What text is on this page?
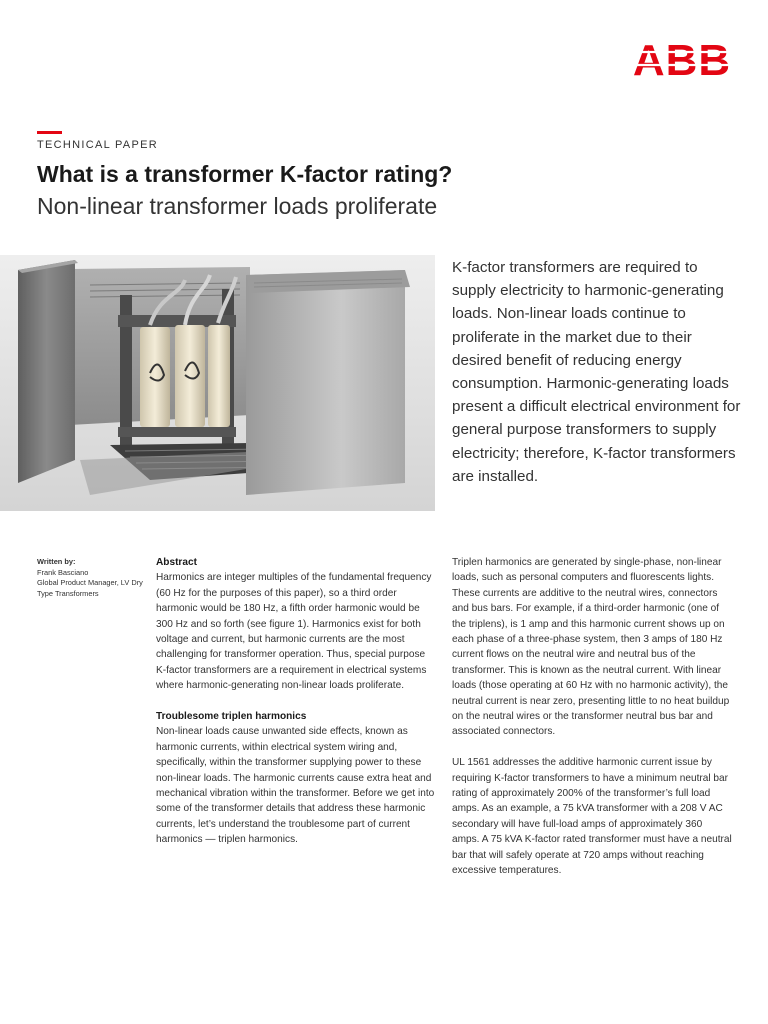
ABB
TECHNICAL PAPER
What is a transformer K-factor rating?
Non-linear transformer loads proliferate
K-factor transformers are required to supply electricity to harmonic-generating loads. Non-linear loads continue to proliferate in the market due to their desired benefit of reducing energy consumption. Harmonic-generating loads present a difficult electrical environment for general purpose transformers to supply electricity; therefore, K-factor transformers are installed.
Written by:
Frank Basciano
Global Product Manager, LV Dry Type Transformers
Abstract

Harmonics are integer multiples of the fundamental frequency (60 Hz for the purposes of this paper), so a third order harmonic would be 180 Hz, a fifth order harmonic would be 300 Hz and so forth (see figure 1). Harmonics exist for both voltage and current, but harmonic currents are the most challenging for transformer operation. Thus, special purpose K-factor transformers are a requirement in electrical systems where harmonic-generating non-linear loads proliferate.

Troublesome triplen harmonics

Non-linear loads cause unwanted side effects, known as harmonic currents, within electrical system wiring and, specifically, within the transformer supplying power to these non-linear loads. The harmonic currents cause extra heat and mechanical vibration within the transformer. Before we get into some of the transformer details that address these harmonic currents, let’s understand the troublesome part of current harmonics — triplen harmonics.

Triplen harmonics are generated by single-phase, non-linear loads, such as personal computers and fluorescents lights. These currents are additive to the neutral wires, connectors and bus bars. For example, if a third-order harmonic (one of the triplens), is 1 amp and this harmonic current shows up on each phase of a three-phase system, then 3 amps of 180 Hz current flows on the neutral wire and neutral bus of the transformer. This is known as the neutral current. With linear loads (those operating at 60 Hz with no harmonic activity), the neutral current is near zero, presenting little to no heat buildup on the neutral wires or the transformer neutral bus bar and associated connectors.

UL 1561 addresses the additive harmonic current issue by requiring K-factor transformers to have a minimum neutral bar rating of approximately 200% of the transformer’s full load amps. As an example, a 75 kVA transformer with a 208 V AC secondary will have full-load amps of approximately 360 amps. A 75 kVA K-factor rated transformer must have a neutral bar that will safely operate at 720 amps without reaching excessive temperatures.
